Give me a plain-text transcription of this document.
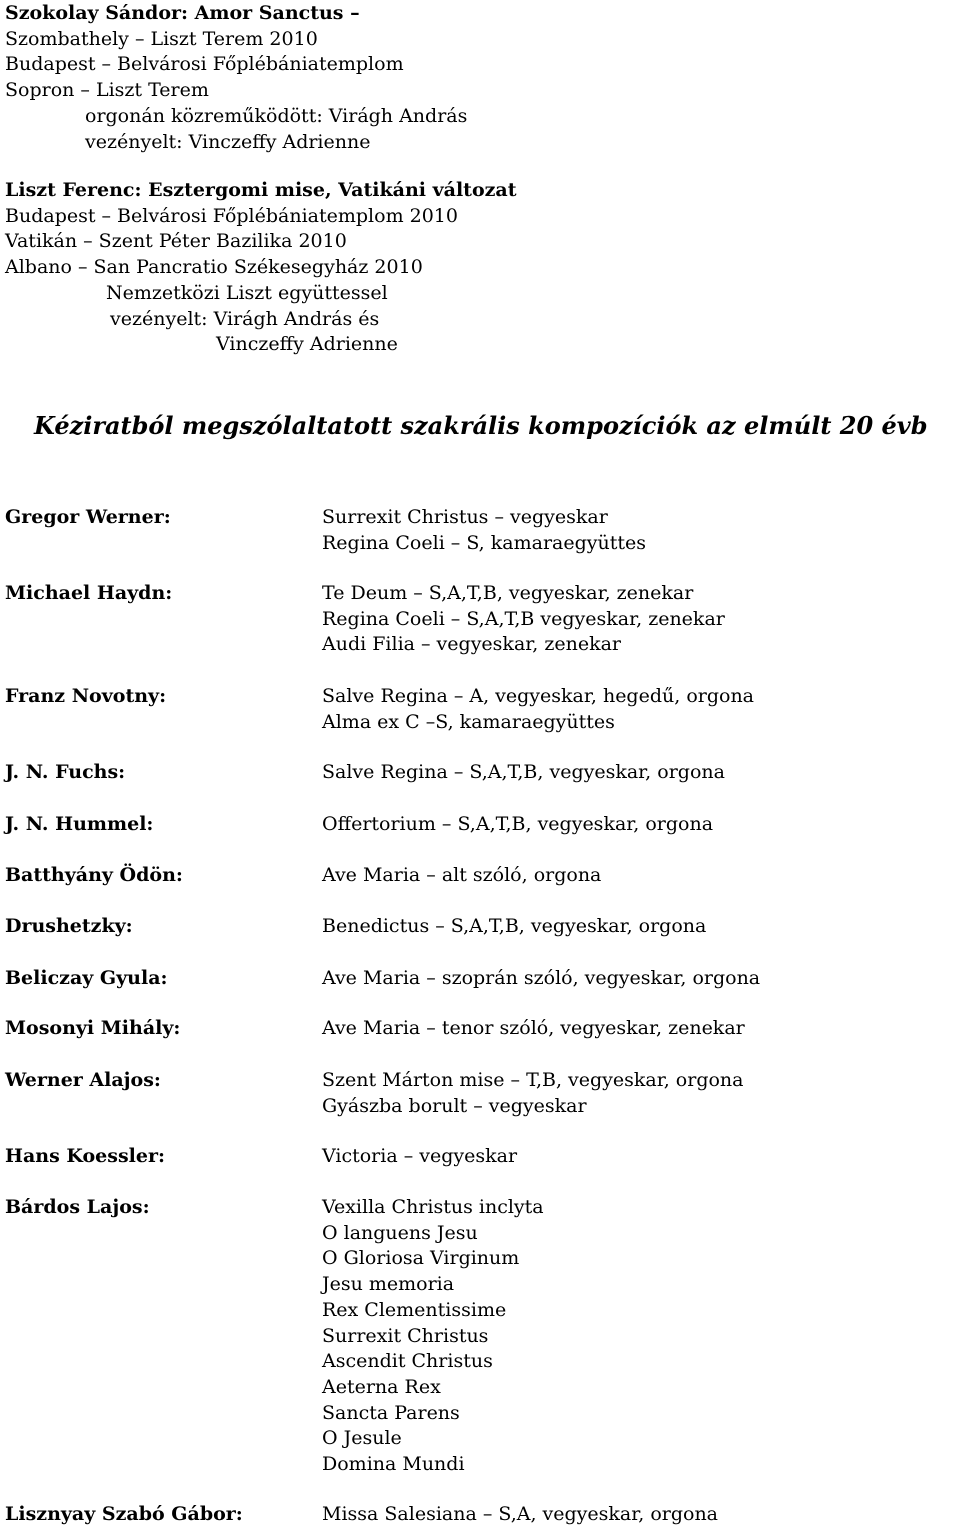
Szokolay Sándor: Amor Sanctus –
Szombathely – Liszt Terem 2010
Budapest – Belvárosi Főplébániatemplom
Sopron – Liszt Terem
orgonán közreműködött: Virágh András
vezényelt: Vinczeffy Adrienne
Liszt Ferenc: Esztergomi mise, Vatikáni változat
Budapest – Belvárosi Főplébániatemplom 2010
Vatikán – Szent Péter Bazilika 2010
Albano – San Pancratio Székesegyház 2010
Nemzetközi Liszt együttessel
vezényelt: Virágh András és
Vinczeffy Adrienne
Kéziratból megszólaltatott szakrális kompozíciók az elmúlt 20 évb
Gregor Werner:	Surrexit Christus – vegyeskar
Regina Coeli – S, kamaraegyüttes
Michael Haydn:	Te Deum – S,A,T,B, vegyeskar, zenekar
Regina Coeli – S,A,T,B vegyeskar, zenekar
Audi Filia – vegyeskar, zenekar
Franz Novotny:	Salve Regina – A, vegyeskar, hegedű, orgona
Alma ex C –S, kamaraegyüttes
J. N. Fuchs:	Salve Regina – S,A,T,B, vegyeskar, orgona
J. N. Hummel:	Offertorium – S,A,T,B, vegyeskar, orgona
Batthyány Ödön:	Ave Maria – alt szóló, orgona
Drushetzky:	Benedictus – S,A,T,B, vegyeskar, orgona
Beliczay Gyula:	Ave Maria – szoprán szóló, vegyeskar, orgona
Mosonyi Mihály:	Ave Maria – tenor szóló, vegyeskar, zenekar
Werner Alajos:	Szent Márton mise – T,B, vegyeskar, orgona
Gyászba borult – vegyeskar
Hans Koessler:	Victoria – vegyeskar
Bárdos Lajos:	Vexilla Christus inclyta
O languens Jesu
O Gloriosa Virginum
Jesu memoria
Rex Clementissime
Surrexit Christus
Ascendit Christus
Aeterna Rex
Sancta Parens
O Jesule
Domina Mundi
Lisznyay Szabó Gábor:	Missa Salesiana – S,A, vegyeskar, orgona
